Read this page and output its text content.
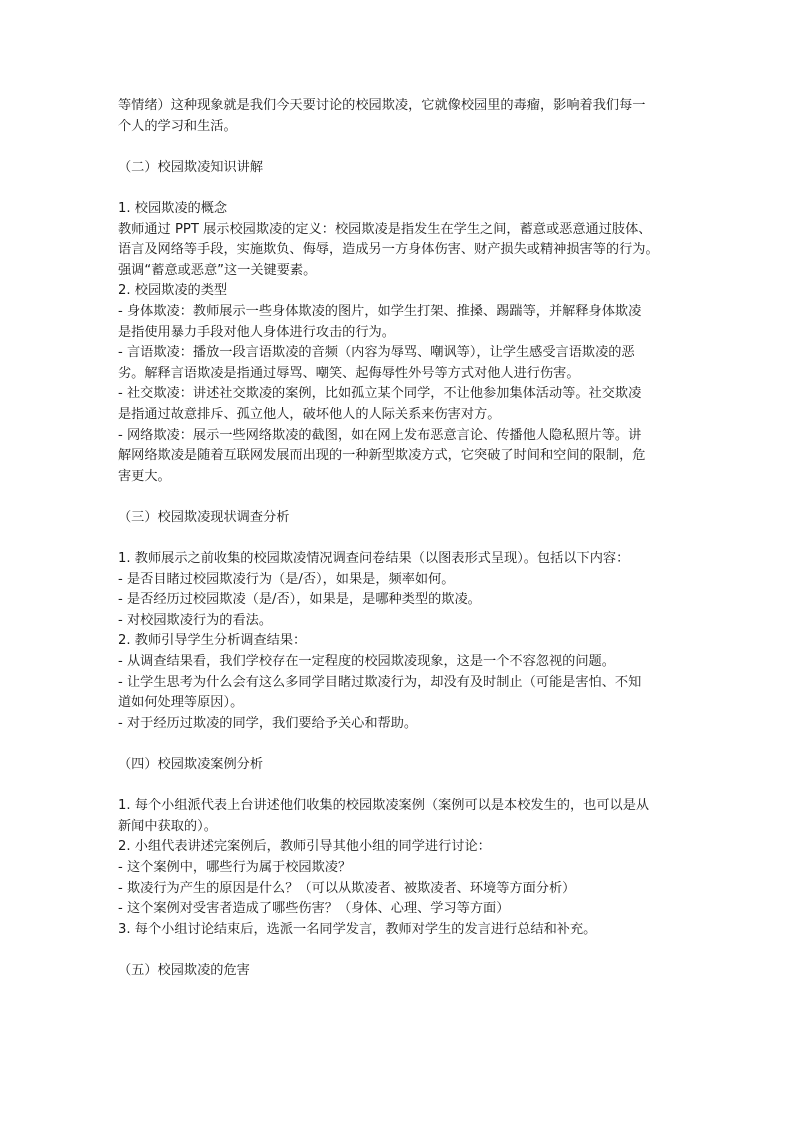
等情绪）这种现象就是我们今天要讨论的校园欺凌，它就像校园里的毒瘤，影响着我们每一
个人的学习和生活。
（二）校园欺凌知识讲解
1. 校园欺凌的概念
教师通过 PPT 展示校园欺凌的定义：校园欺凌是指发生在学生之间，蓄意或恶意通过肢体、
语言及网络等手段，实施欺负、侮辱，造成另一方身体伤害、财产损失或精神损害等的行为。
强调“蓄意或恶意”这一关键要素。
2. 校园欺凌的类型
- 身体欺凌：教师展示一些身体欺凌的图片，如学生打架、推搡、踢踹等，并解释身体欺凌
是指使用暴力手段对他人身体进行攻击的行为。
- 言语欺凌：播放一段言语欺凌的音频（内容为辱骂、嘲讽等），让学生感受言语欺凌的恶
劣。解释言语欺凌是指通过辱骂、嘲笑、起侮辱性外号等方式对他人进行伤害。
- 社交欺凌：讲述社交欺凌的案例，比如孤立某个同学，不让他参加集体活动等。社交欺凌
是指通过故意排斥、孤立他人，破坏他人的人际关系来伤害对方。
- 网络欺凌：展示一些网络欺凌的截图，如在网上发布恶意言论、传播他人隐私照片等。讲
解网络欺凌是随着互联网发展而出现的一种新型欺凌方式，它突破了时间和空间的限制，危
害更大。
（三）校园欺凌现状调查分析
1. 教师展示之前收集的校园欺凌情况调查问卷结果（以图表形式呈现）。包括以下内容：
- 是否目睹过校园欺凌行为（是/否），如果是，频率如何。
- 是否经历过校园欺凌（是/否），如果是，是哪种类型的欺凌。
- 对校园欺凌行为的看法。
2. 教师引导学生分析调查结果：
- 从调查结果看，我们学校存在一定程度的校园欺凌现象，这是一个不容忽视的问题。
- 让学生思考为什么会有这么多同学目睹过欺凌行为，却没有及时制止（可能是害怕、不知
道如何处理等原因）。
- 对于经历过欺凌的同学，我们要给予关心和帮助。
（四）校园欺凌案例分析
1. 每个小组派代表上台讲述他们收集的校园欺凌案例（案例可以是本校发生的，也可以是从
新闻中获取的）。
2. 小组代表讲述完案例后，教师引导其他小组的同学进行讨论：
- 这个案例中，哪些行为属于校园欺凌？
- 欺凌行为产生的原因是什么？（可以从欺凌者、被欺凌者、环境等方面分析）
- 这个案例对受害者造成了哪些伤害？（身体、心理、学习等方面）
3. 每个小组讨论结束后，选派一名同学发言，教师对学生的发言进行总结和补充。
（五）校园欺凌的危害
